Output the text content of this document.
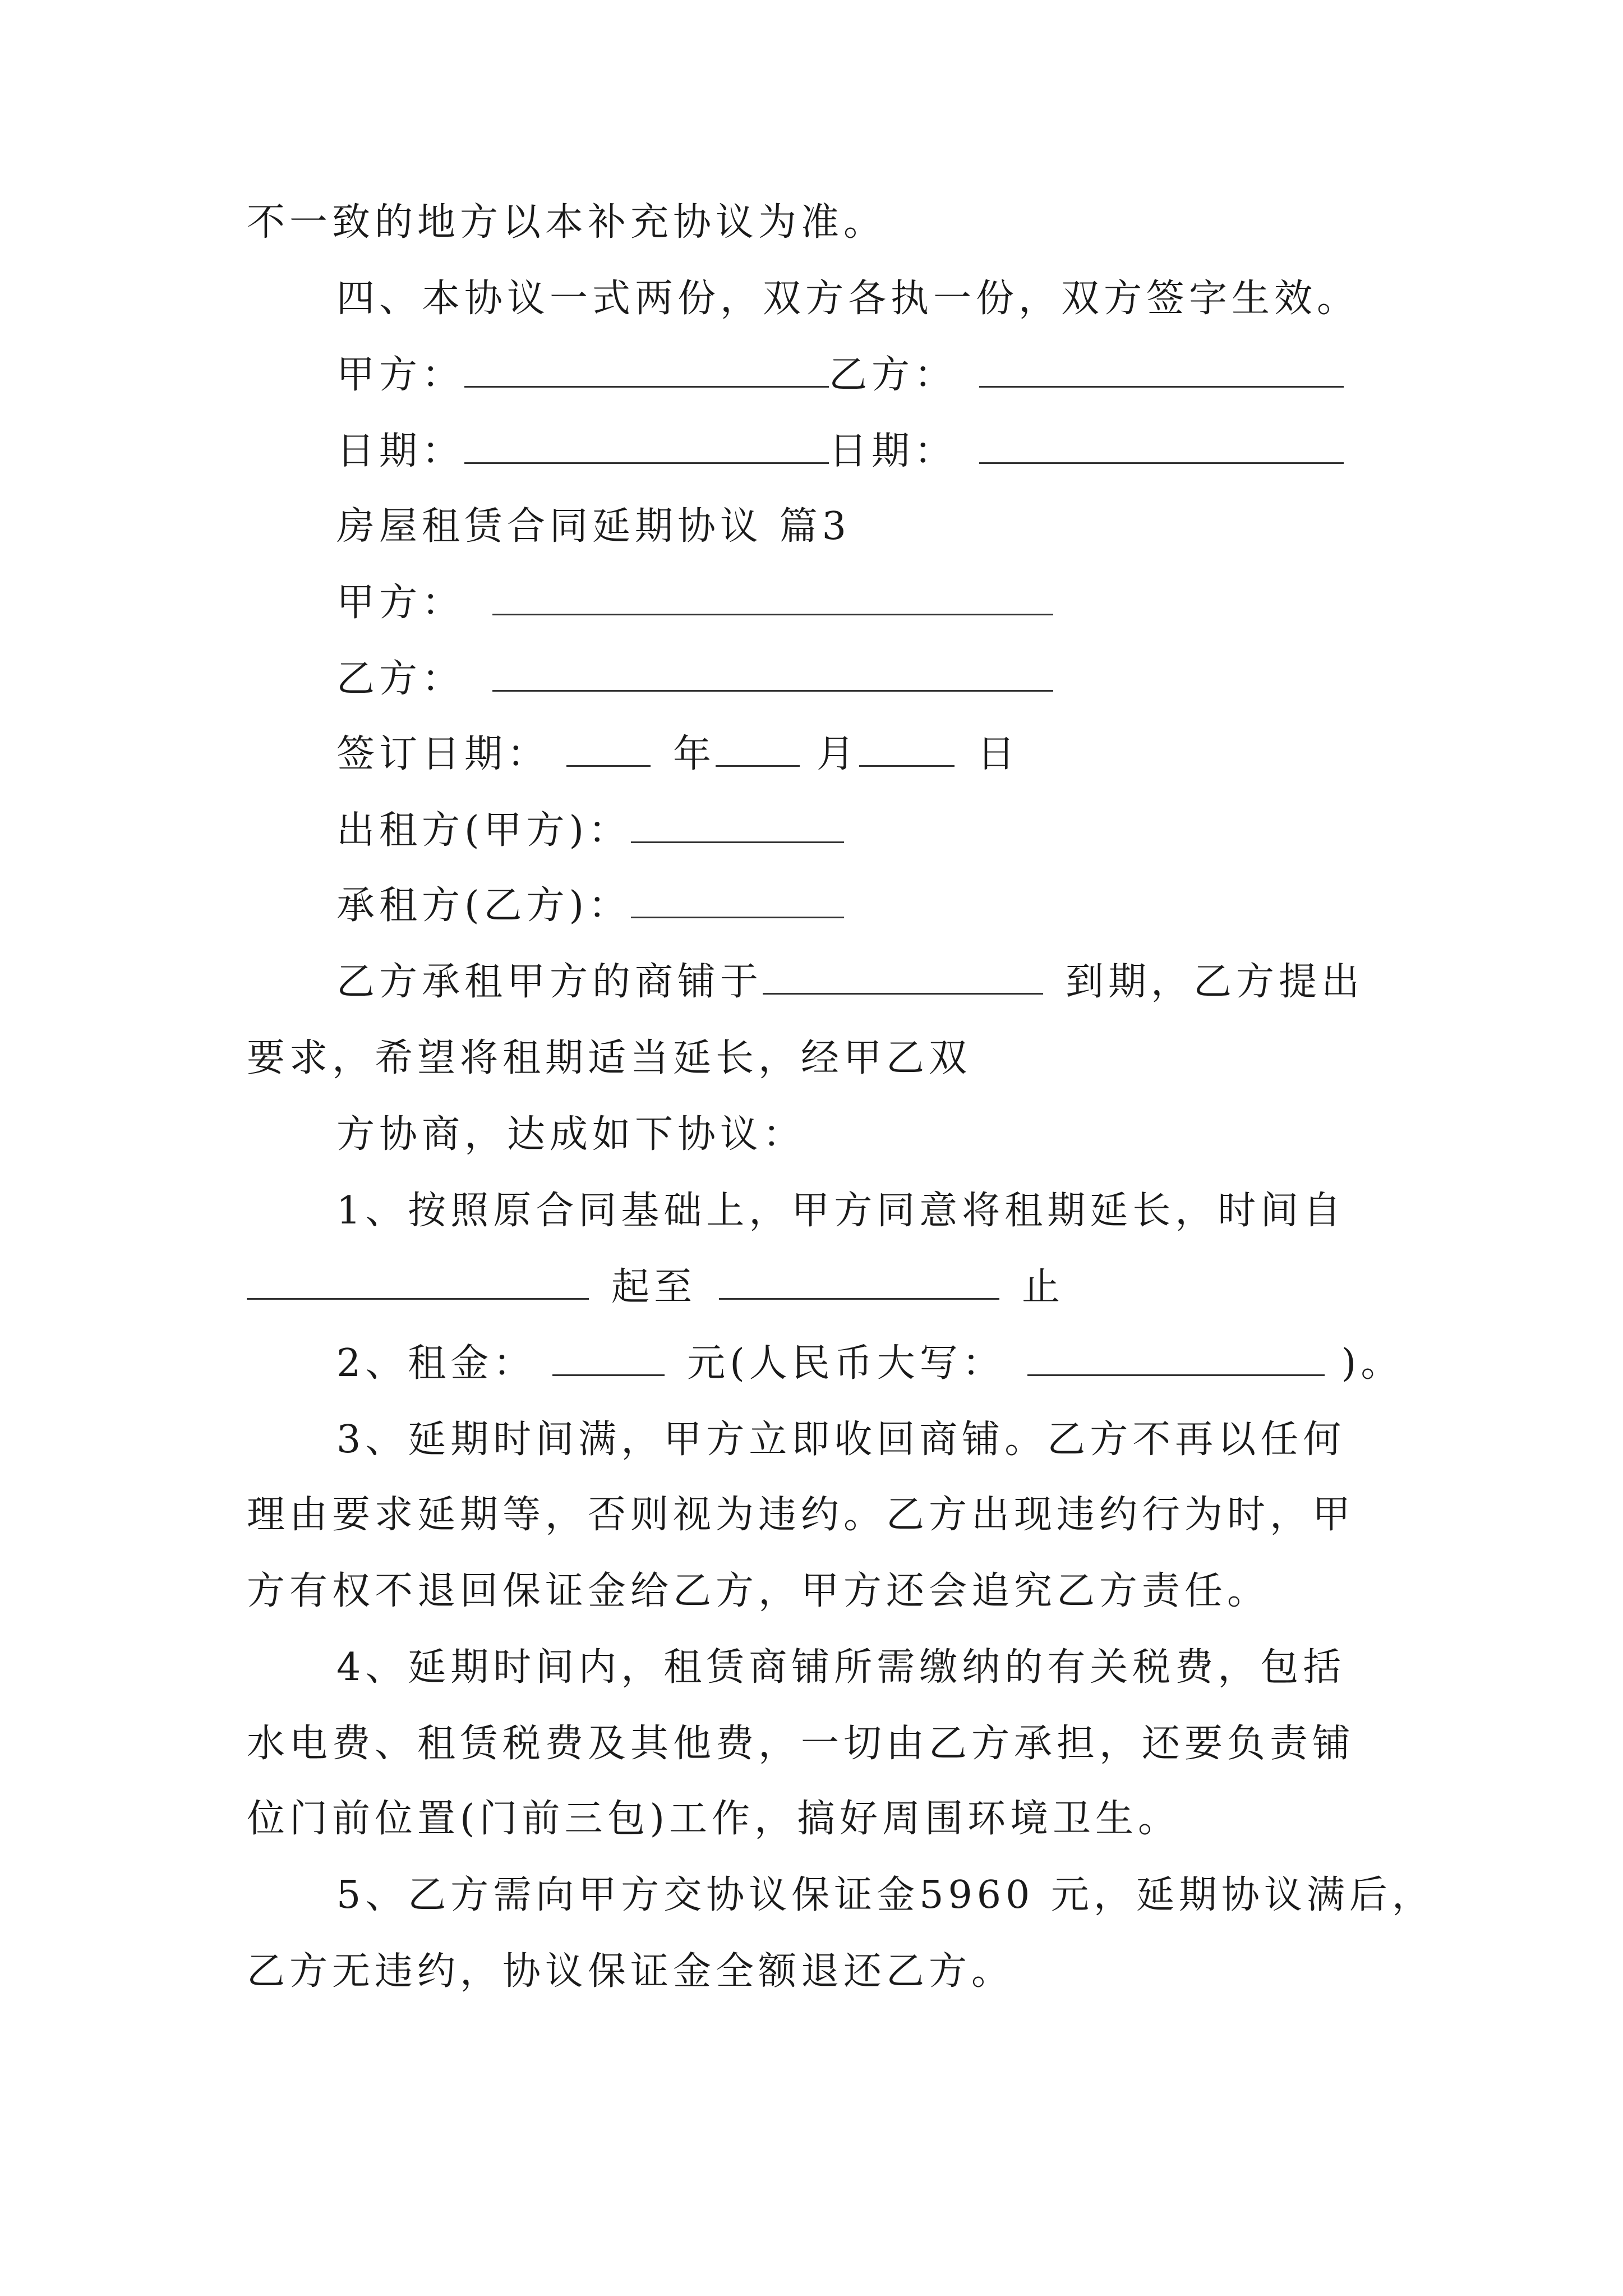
不一致的地方以本补充协议为准。
四、本协议一式两份，双方各执一份，双方签字生效。
甲方：	乙方：
日期：	日期：
房屋租赁合同延期协议 篇3
甲方：
乙方：
签订日期：	年	月	日
出租方(甲方)：
承租方(乙方)：
乙方承租甲方的商铺于	到期，乙方提出
要求，希望将租期适当延长，经甲乙双
方协商，达成如下协议：
1、按照原合同基础上，甲方同意将租期延长，时间自
起至	止
2、租金：	元(人民币大写：	)。
3、延期时间满，甲方立即收回商铺。乙方不再以任何
理由要求延期等，否则视为违约。乙方出现违约行为时，甲
方有权不退回保证金给乙方，甲方还会追究乙方责任。
4、延期时间内，租赁商铺所需缴纳的有关税费，包括
水电费、租赁税费及其他费，一切由乙方承担，还要负责铺
位门前位置(门前三包)工作，搞好周围环境卫生。
5、乙方需向甲方交协议保证金5960 元，延期协议满后，
乙方无违约，协议保证金全额退还乙方。
